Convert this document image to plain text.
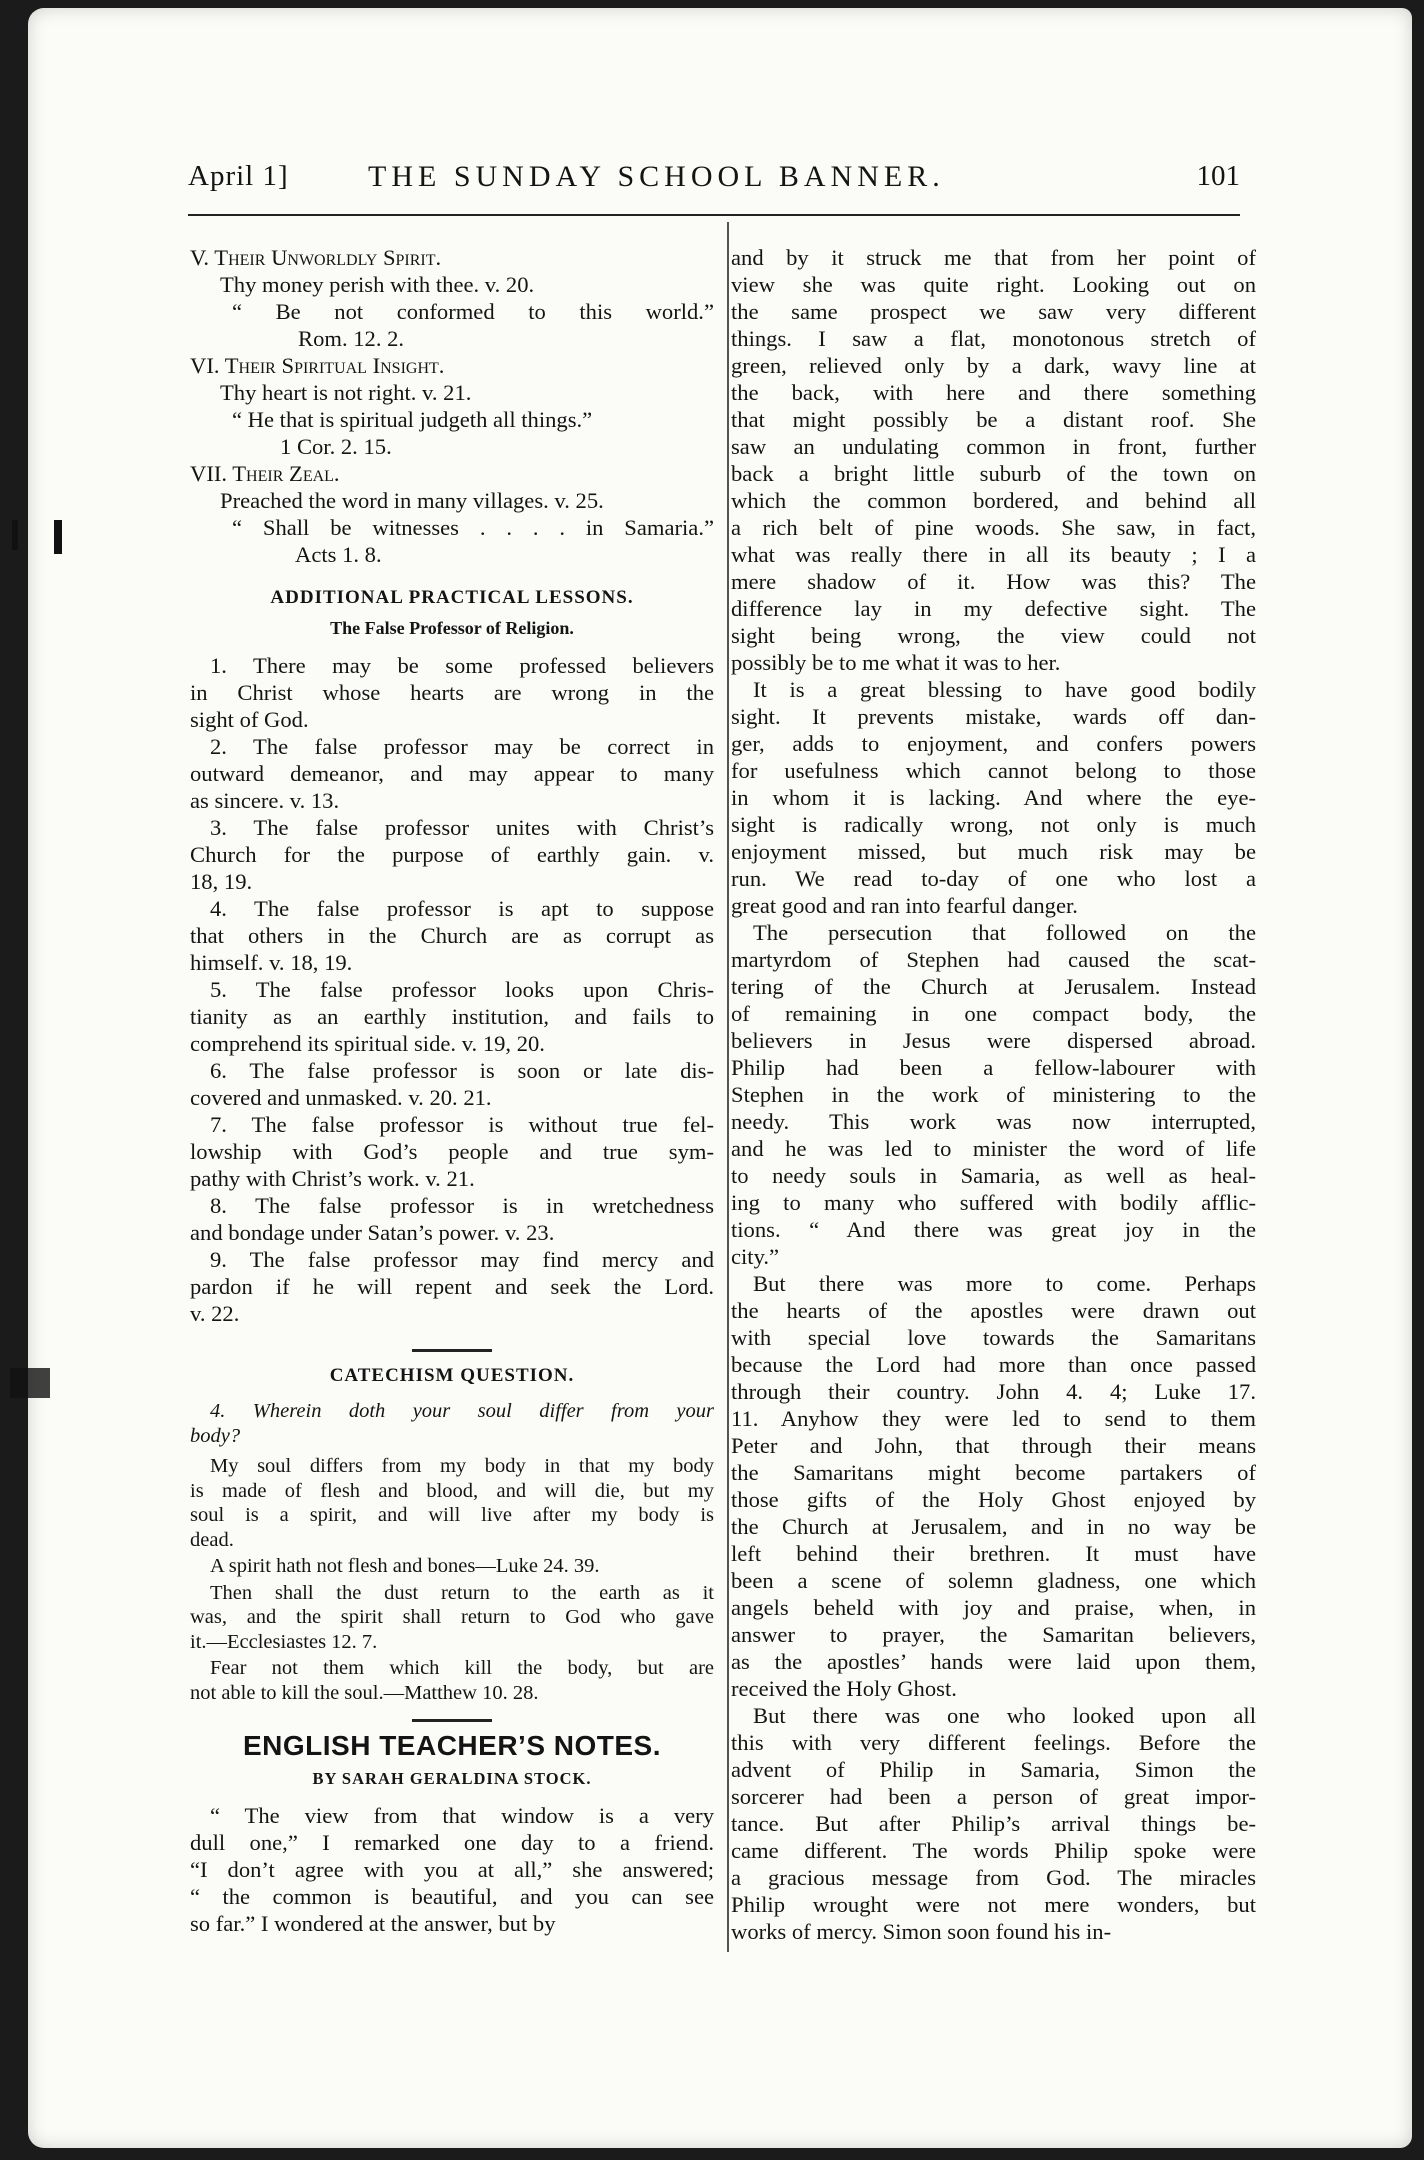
April 1]	THE SUNDAY SCHOOL BANNER.	101
V. Their Unworldly Spirit.
Thy money perish with thee. v. 20.
“ Be not conformed to this world.”
Rom. 12. 2.
VI. Their Spiritual Insight.
Thy heart is not right. v. 21.
“ He that is spiritual judgeth all things.”
1 Cor. 2. 15.
VII. Their Zeal.
Preached the word in many villages. v. 25.
“ Shall be witnesses . . . . in Samaria.”
Acts 1. 8.
ADDITIONAL PRACTICAL LESSONS.
The False Professor of Religion.
1. There may be some professed believers
in Christ whose hearts are wrong in the
sight of God.
2. The false professor may be correct in
outward demeanor, and may appear to many
as sincere. v. 13.
3. The false professor unites with Christ’s
Church for the purpose of earthly gain. v.
18, 19.
4. The false professor is apt to suppose
that others in the Church are as corrupt as
himself. v. 18, 19.
5. The false professor looks upon Chris-
tianity as an earthly institution, and fails to
comprehend its spiritual side. v. 19, 20.
6. The false professor is soon or late dis-
covered and unmasked. v. 20. 21.
7. The false professor is without true fel-
lowship with God’s people and true sym-
pathy with Christ’s work. v. 21.
8. The false professor is in wretchedness
and bondage under Satan’s power. v. 23.
9. The false professor may find mercy and
pardon if he will repent and seek the Lord.
v. 22.
CATECHISM QUESTION.
4. Wherein doth your soul differ from your
body?
My soul differs from my body in that my body
is made of flesh and blood, and will die, but my
soul is a spirit, and will live after my body is
dead.
A spirit hath not flesh and bones—Luke 24. 39.
Then shall the dust return to the earth as it
was, and the spirit shall return to God who gave
it.—Ecclesiastes 12. 7.
Fear not them which kill the body, but are
not able to kill the soul.—Matthew 10. 28.
ENGLISH TEACHER’S NOTES.
BY SARAH GERALDINA STOCK.
“ The view from that window is a very
dull one,” I remarked one day to a friend.
“I don’t agree with you at all,” she answered;
“ the common is beautiful, and you can see
so far.” I wondered at the answer, but by
and by it struck me that from her point of
view she was quite right. Looking out on
the same prospect we saw very different
things. I saw a flat, monotonous stretch of
green, relieved only by a dark, wavy line at
the back, with here and there something
that might possibly be a distant roof. She
saw an undulating common in front, further
back a bright little suburb of the town on
which the common bordered, and behind all
a rich belt of pine woods. She saw, in fact,
what was really there in all its beauty ; I a
mere shadow of it. How was this? The
difference lay in my defective sight. The
sight being wrong, the view could not
possibly be to me what it was to her.
It is a great blessing to have good bodily
sight. It prevents mistake, wards off dan-
ger, adds to enjoyment, and confers powers
for usefulness which cannot belong to those
in whom it is lacking. And where the eye-
sight is radically wrong, not only is much
enjoyment missed, but much risk may be
run. We read to-day of one who lost a
great good and ran into fearful danger.
The persecution that followed on the
martyrdom of Stephen had caused the scat-
tering of the Church at Jerusalem. Instead
of remaining in one compact body, the
believers in Jesus were dispersed abroad.
Philip had been a fellow-labourer with
Stephen in the work of ministering to the
needy. This work was now interrupted,
and he was led to minister the word of life
to needy souls in Samaria, as well as heal-
ing to many who suffered with bodily afflic-
tions. “ And there was great joy in the
city.”
But there was more to come. Perhaps
the hearts of the apostles were drawn out
with special love towards the Samaritans
because the Lord had more than once passed
through their country. John 4. 4; Luke 17.
11. Anyhow they were led to send to them
Peter and John, that through their means
the Samaritans might become partakers of
those gifts of the Holy Ghost enjoyed by
the Church at Jerusalem, and in no way be
left behind their brethren. It must have
been a scene of solemn gladness, one which
angels beheld with joy and praise, when, in
answer to prayer, the Samaritan believers,
as the apostles’ hands were laid upon them,
received the Holy Ghost.
But there was one who looked upon all
this with very different feelings. Before the
advent of Philip in Samaria, Simon the
sorcerer had been a person of great impor-
tance. But after Philip’s arrival things be-
came different. The words Philip spoke were
a gracious message from God. The miracles
Philip wrought were not mere wonders, but
works of mercy. Simon soon found his in-
